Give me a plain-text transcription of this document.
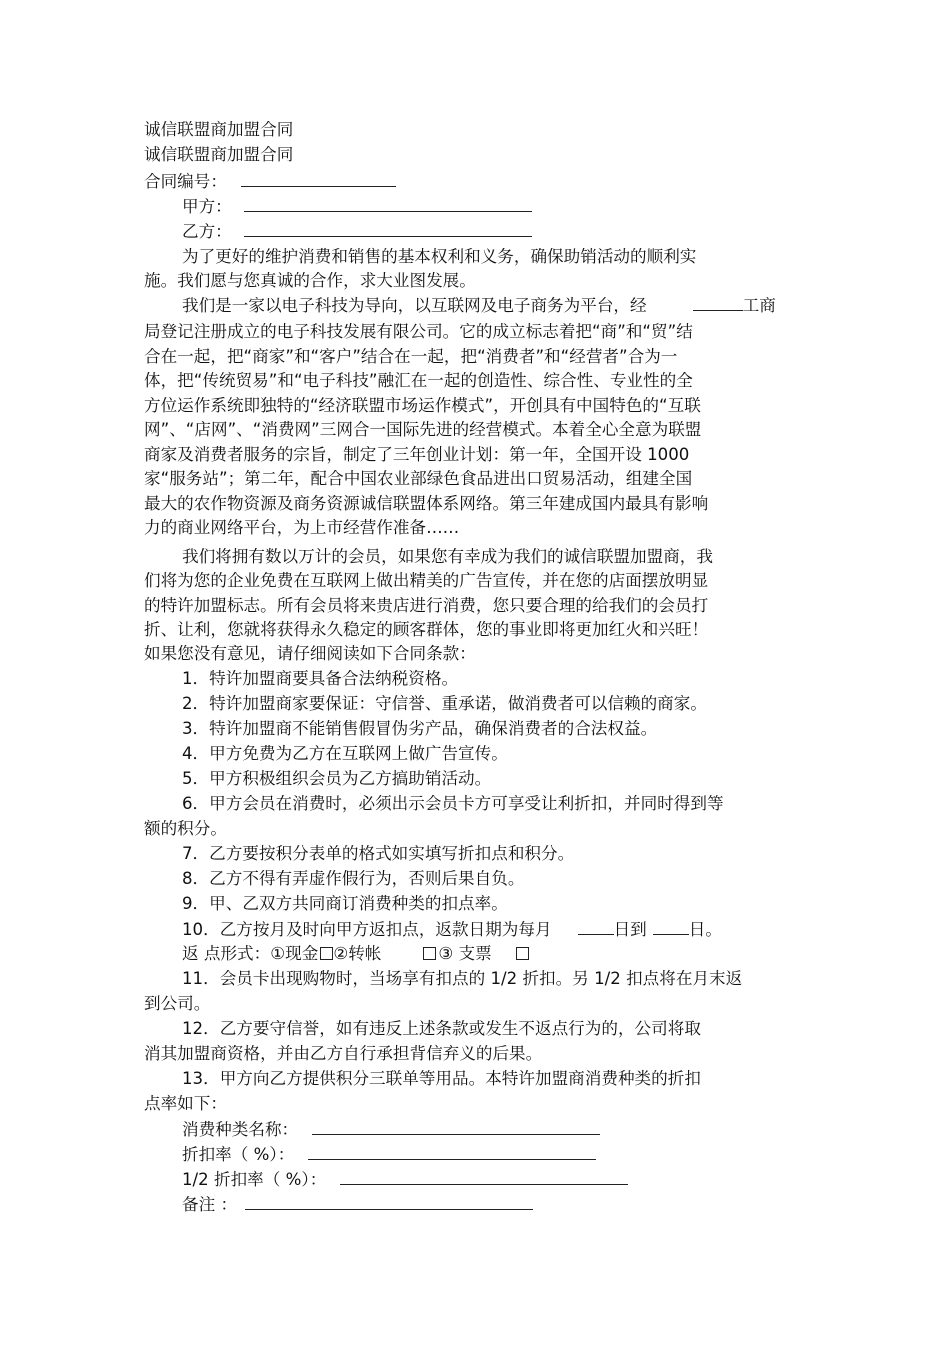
诚信联盟商加盟合同

诚信联盟商加盟合同

合同编号：

甲方：

乙方：

为了更好的维护消费和销售的基本权利和义务，确保助销活动的顺利实

施。我们愿与您真诚的合作，求大业图发展。

我们是一家以电子科技为导向，以互联网及电子商务为平台，经	工商

局登记注册成立的电子科技发展有限公司。它的成立标志着把“商”和“贸”结

合在一起，把“商家”和“客户”结合在一起，把“消费者”和“经营者”合为一

体，把“传统贸易”和“电子科技”融汇在一起的创造性、综合性、专业性的全

方位运作系统即独特的“经济联盟市场运作模式”，开创具有中国特色的“互联

网”、“店网”、“消费网”三网合一国际先进的经营模式。本着全心全意为联盟

商家及消费者服务的宗旨，制定了三年创业计划：第一年，全国开设 1000

家“服务站”；第二年，配合中国农业部绿色食品进出口贸易活动，组建全国

最大的农作物资源及商务资源诚信联盟体系网络。第三年建成国内最具有影响

力的商业网络平台，为上市经营作准备……

我们将拥有数以万计的会员，如果您有幸成为我们的诚信联盟加盟商，我

们将为您的企业免费在互联网上做出精美的广告宣传，并在您的店面摆放明显

的特许加盟标志。所有会员将来贵店进行消费，您只要合理的给我们的会员打

折、让利，您就将获得永久稳定的顾客群体，您的事业即将更加红火和兴旺！

如果您没有意见，请仔细阅读如下合同条款：

1．特许加盟商要具备合法纳税资格。

2．特许加盟商家要保证：守信誉、重承诺，做消费者可以信赖的商家。

3．特许加盟商不能销售假冒伪劣产品，确保消费者的合法权益。

4．甲方免费为乙方在互联网上做广告宣传。

5．甲方积极组织会员为乙方搞助销活动。

6．甲方会员在消费时，必须出示会员卡方可享受让利折扣，并同时得到等

额的积分。

7．乙方要按积分表单的格式如实填写折扣点和积分。

8．乙方不得有弄虚作假行为，否则后果自负。

9．甲、乙双方共同商订消费种类的扣点率。

10．乙方按月及时向甲方返扣点，返款日期为每月	日到	日。

返 点形式：①现金 ②转帐	③ 支票

11．会员卡出现购物时，当场享有扣点的 1/2 折扣。另 1/2 扣点将在月末返

到公司。

12．乙方要守信誉，如有违反上述条款或发生不返点行为的，公司将取

消其加盟商资格，并由乙方自行承担背信弃义的后果。

13．甲方向乙方提供积分三联单等用品。本特许加盟商消费种类的折扣

点率如下：

消费种类名称：

折扣率（ %）：

1/2 折扣率（ %）：

备注 ：
